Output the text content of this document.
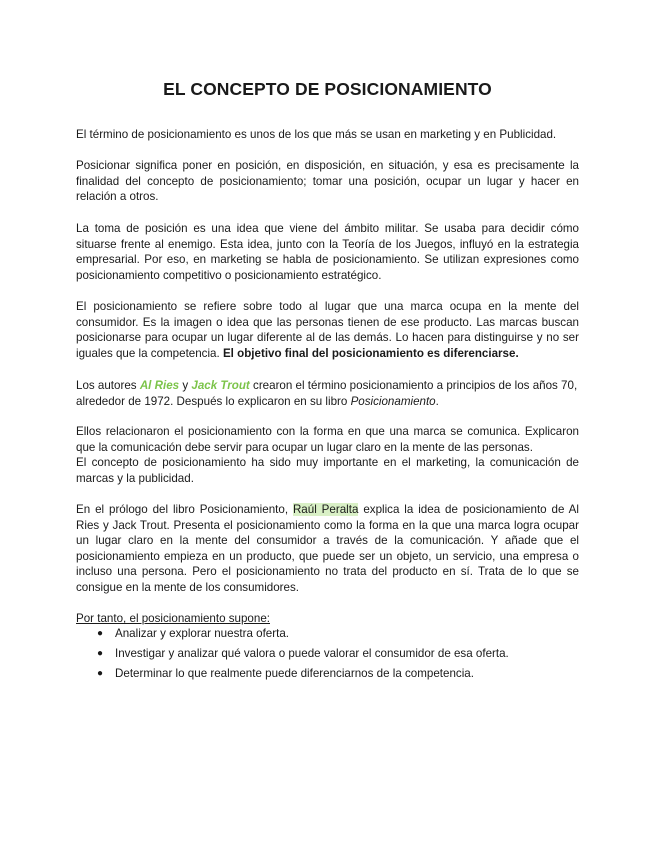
EL CONCEPTO DE POSICIONAMIENTO

El término de posicionamiento es unos de los que más se usan en marketing y en Publicidad.

Posicionar significa poner en posición, en disposición, en situación, y esa es precisamente la finalidad del concepto de posicionamiento; tomar una posición, ocupar un lugar y hacer en relación a otros.

La toma de posición es una idea que viene del ámbito militar. Se usaba para decidir cómo situarse frente al enemigo. Esta idea, junto con la Teoría de los Juegos, influyó en la estrategia empresarial. Por eso, en marketing se habla de posicionamiento. Se utilizan expresiones como posicionamiento competitivo o posicionamiento estratégico.

El posicionamiento se refiere sobre todo al lugar que una marca ocupa en la mente del consumidor. Es la imagen o idea que las personas tienen de ese producto. Las marcas buscan posicionarse para ocupar un lugar diferente al de las demás. Lo hacen para distinguirse y no ser iguales que la competencia. El objetivo final del posicionamiento es diferenciarse.

Los autores Al Ries y Jack Trout crearon el término posicionamiento a principios de los años 70, alrededor de 1972. Después lo explicaron en su libro Posicionamiento.

Ellos relacionaron el posicionamiento con la forma en que una marca se comunica. Explicaron que la comunicación debe servir para ocupar un lugar claro en la mente de las personas.
El concepto de posicionamiento ha sido muy importante en el marketing, la comunicación de marcas y la publicidad.

En el prólogo del libro Posicionamiento, Raúl Peralta explica la idea de posicionamiento de Al Ries y Jack Trout. Presenta el posicionamiento como la forma en la que una marca logra ocupar un lugar claro en la mente del consumidor a través de la comunicación. Y añade que el posicionamiento empieza en un producto, que puede ser un objeto, un servicio, una empresa o incluso una persona. Pero el posicionamiento no trata del producto en sí. Trata de lo que se consigue en la mente de los consumidores.

Por tanto, el posicionamiento supone:

● Analizar y explorar nuestra oferta.
● Investigar y analizar qué valora o puede valorar el consumidor de esa oferta.
● Determinar lo que realmente puede diferenciarnos de la competencia.
